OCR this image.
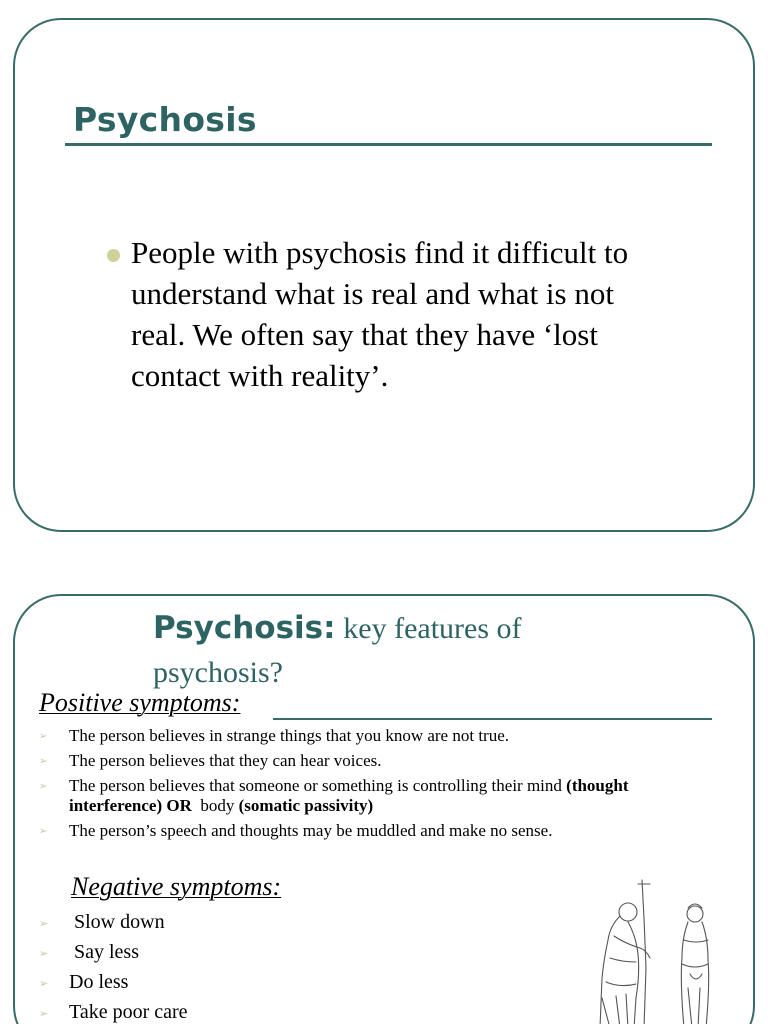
Psychosis
People with psychosis find it difficult to understand what is real and what is not real. We often say that they have ‘lost contact with reality’.
Psychosis: key features of psychosis?
Positive symptoms:
➢ The person believes in strange things that you know are not true.
➢ The person believes that they can hear voices.
➢ The person believes that someone or something is controlling their mind (thought interference) OR  body (somatic passivity)
➢ The person’s speech and thoughts may be muddled and make no sense.
Negative symptoms:
➢ Slow down
➢ Say less
➢ Do less
➢ Take poor care
